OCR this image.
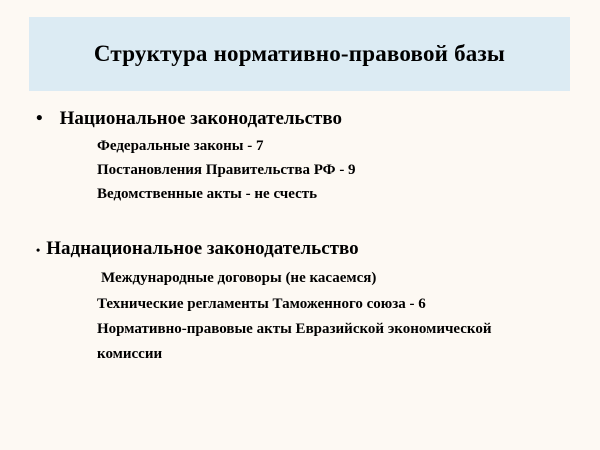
Структура нормативно-правовой базы
• Национальное законодательство
Федеральные законы - 7
Постановления Правительства РФ - 9
Ведомственные акты - не счесть
• Наднациональное законодательство
Международные договоры (не касаемся)
Технические регламенты Таможенного союза - 6
Нормативно-правовые акты Евразийской экономической
комиссии
